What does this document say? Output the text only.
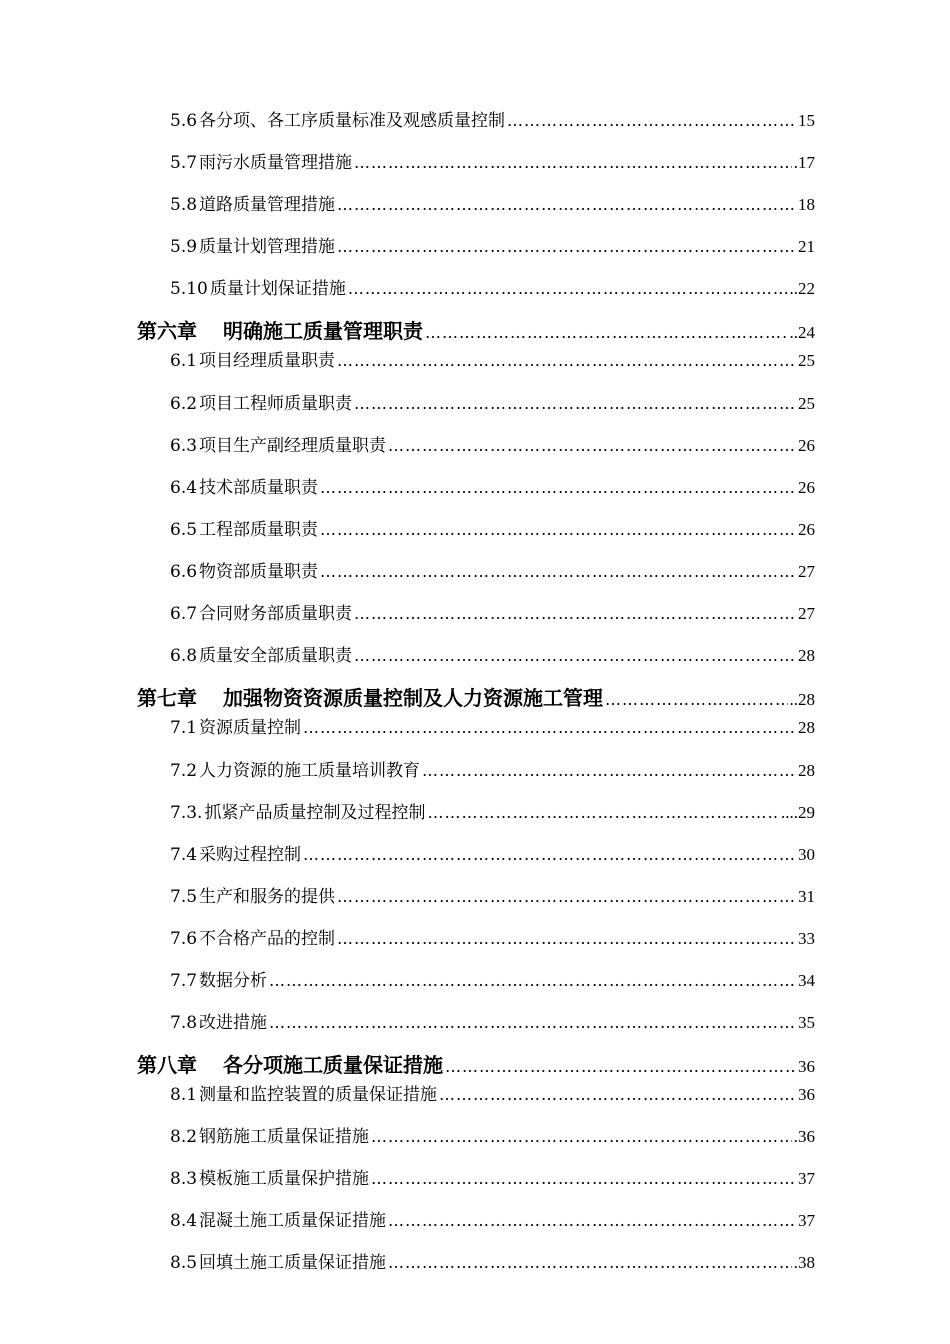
5.6 各分项、各工序质量标准及观感质量控制 ……………………………………………………………………………………………………………………………………………………	15
5.7 雨污水质量管理措施 ……………………………………………………………………………………………………………………………………………………	.17
5.8 道路质量管理措施 ……………………………………………………………………………………………………………………………………………………	18
5.9 质量计划管理措施 ……………………………………………………………………………………………………………………………………………………	21
5.10 质量计划保证措施 ……………………………………………………………………………………………………………………………………………………	..22
第六章 明确施工质量管理职责 ……………………………………………………………………………………………………………………………………………………	..24
6.1 项目经理质量职责 ……………………………………………………………………………………………………………………………………………………	25
6.2 项目工程师质量职责 ……………………………………………………………………………………………………………………………………………………	25
6.3 项目生产副经理质量职责 ……………………………………………………………………………………………………………………………………………………	26
6.4 技术部质量职责 ……………………………………………………………………………………………………………………………………………………	26
6.5 工程部质量职责 ……………………………………………………………………………………………………………………………………………………	26
6.6 物资部质量职责 ……………………………………………………………………………………………………………………………………………………	27
6.7 合同财务部质量职责 ……………………………………………………………………………………………………………………………………………………	27
6.8 质量安全部质量职责 ……………………………………………………………………………………………………………………………………………………	28
第七章 加强物资资源质量控制及人力资源施工管理 ……………………………………………………………………………………………………………………………………………………	..28
7.1 资源质量控制 ……………………………………………………………………………………………………………………………………………………	28
7.2 人力资源的施工质量培训教育 ……………………………………………………………………………………………………………………………………………………	28
7.3. 抓紧产品质量控制及过程控制 ……………………………………………………………………………………………………………………………………………………	....29
7.4 采购过程控制 ……………………………………………………………………………………………………………………………………………………	30
7.5 生产和服务的提供 ……………………………………………………………………………………………………………………………………………………	31
7.6 不合格产品的控制 ……………………………………………………………………………………………………………………………………………………	33
7.7 数据分析 ……………………………………………………………………………………………………………………………………………………	34
7.8 改进措施 ……………………………………………………………………………………………………………………………………………………	35
第八章 各分项施工质量保证措施 ……………………………………………………………………………………………………………………………………………………	36
8.1 测量和监控装置的质量保证措施 ……………………………………………………………………………………………………………………………………………………	36
8.2 钢筋施工质量保证措施 ……………………………………………………………………………………………………………………………………………………	.36
8.3 模板施工质量保护措施 ……………………………………………………………………………………………………………………………………………………	37
8.4 混凝土施工质量保证措施 ……………………………………………………………………………………………………………………………………………………	37
8.5 回填土施工质量保证措施 ……………………………………………………………………………………………………………………………………………………	.38
